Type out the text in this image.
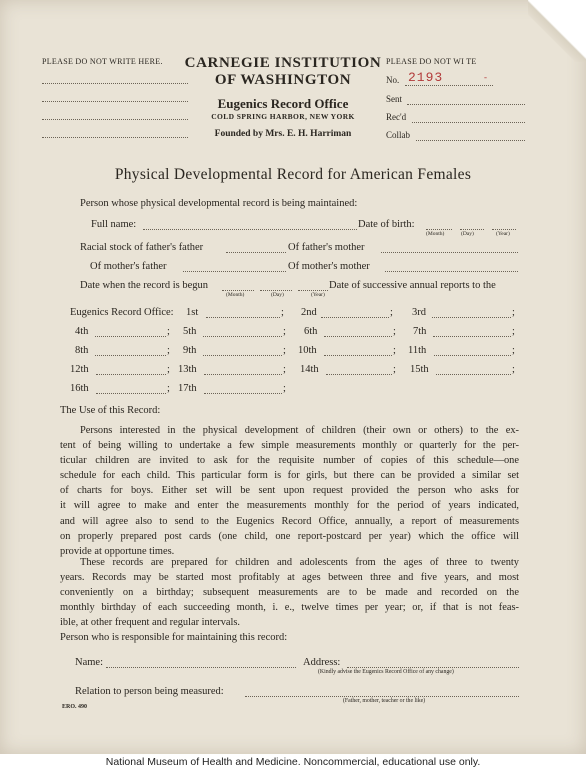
PLEASE DO NOT WRITE HERE. CARNEGIE INSTITUTION
OF WASHINGTON
Eugenics Record Office
COLD SPRING HARBOR, NEW YORK
Founded by Mrs. E. H. Harriman
PLEASE DO NOT WI TE
No. 2193	-
Sent
Rec'd
Collab
Physical Developmental Record for American Females
Person whose physical developmental record is being maintained:
Full name:	Date of birth:
(Month)	(Day)	(Year)
Racial stock of father's father	Of father's mother
Of mother's father	Of mother's mother
Date when the record is begun	Date of successive annual reports to the
(Month)	(Day)	(Year)
Eugenics Record Office: 1st	; 2nd	; 3rd	;
4th	; 5th	; 6th	; 7th	;
8th	; 9th	; 10th	; 11th	;
12th	; 13th	; 14th	; 15th	;
16th	; 17th	;
The Use of this Record:
Persons interested in the physical development of children (their own or others) to the ex-
tent of being willing to undertake a few simple measurements monthly or quarterly for the per-
ticular children are invited to ask for the requisite number of copies of this schedule—one
schedule for each child. This particular form is for girls, but there can be provided a similar set
of charts for boys. Either set will be sent upon request provided the person who asks for
it will agree to make and enter the measurements monthly for the period of years indicated,
and will agree also to send to the Eugenics Record Office, annually, a report of measurements
on properly prepared post cards (one child, one report-postcard per year) which the office will
provide at opportune times.
These records are prepared for children and adolescents from the ages of three to twenty
years. Records may be started most profitably at ages between three and five years, and most
conveniently on a birthday; subsequent measurements are to be made and recorded on the
monthly birthday of each succeeding month, i. e., twelve times per year; or, if that is not feas-
ible, at other frequent and regular intervals.
Person who is responsible for maintaining this record:
Name:	Address:
(Kindly advise the Eugenics Record Office of any change)
Relation to person being measured:
(Father, mother, teacher or the like)
ERO. 490
National Museum of Health and Medicine. Noncommercial, educational use only.
